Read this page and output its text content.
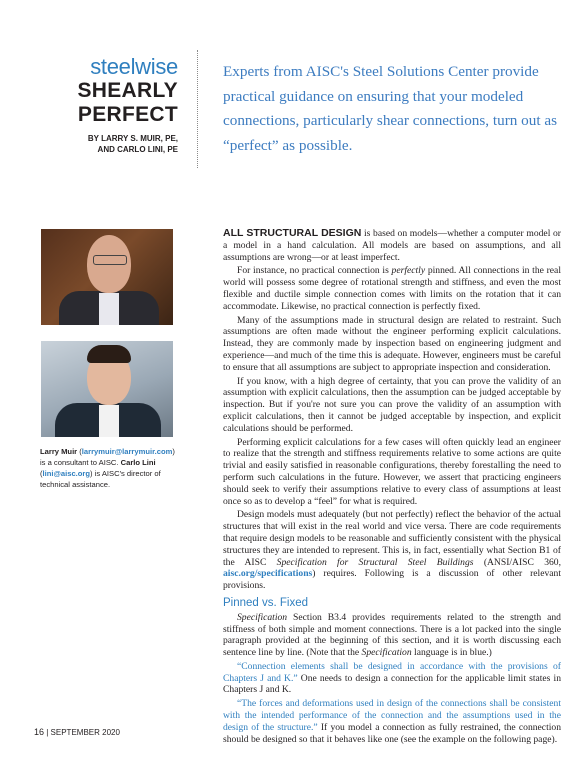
steelwise
SHEARLY
PERFECT
BY LARRY S. MUIR, PE,
AND CARLO LINI, PE
Experts from AISC's Steel Solutions Center provide practical guidance on ensuring that your modeled connections, particularly shear connections, turn out as “perfect” as possible.
Larry Muir (larrymuir@larrymuir.com) is a consultant to AISC. Carlo Lini (lini@aisc.org) is AISC's director of technical assistance.

ALL STRUCTURAL DESIGN is based on models—whether a computer model or a model in a hand calculation. All models are based on assumptions, and all assumptions are wrong—or at least imperfect.

For instance, no practical connection is perfectly pinned. All connections in the real world will possess some degree of rotational strength and stiffness, and even the most flexible and ductile simple connection comes with limits on the rotation that it can accommodate. Likewise, no practical connection is perfectly fixed.

Many of the assumptions made in structural design are related to restraint. Such assumptions are often made without the engineer performing explicit calculations. Instead, they are commonly made by inspection based on engineering judgment and experience—and much of the time this is adequate. However, engineers must be careful to ensure that all assumptions are subject to appropriate inspection and consideration.

If you know, with a high degree of certainty, that you can prove the validity of an assumption with explicit calculations, then the assumption can be judged acceptable by inspection. But if you're not sure you can prove the validity of an assumption with explicit calculations, then it cannot be judged acceptable by inspection, and explicit calculations should be performed.

Performing explicit calculations for a few cases will often quickly lead an engineer to realize that the strength and stiffness requirements relative to some actions are quite trivial and easily satisfied in reasonable configurations, thereby forestalling the need to perform such calculations in the future. However, we assert that practicing engineers should seek to verify their assumptions relative to every class of assumptions at least once so as to develop a “feel” for what is required.

Design models must adequately (but not perfectly) reflect the behavior of the actual structures that will exist in the real world and vice versa. There are code requirements that require design models to be reasonable and sufficiently consistent with the physical structures they are intended to represent. This is, in fact, essentially what Section B1 of the AISC Specification for Structural Steel Buildings (ANSI/AISC 360, aisc.org/specifications) requires. Following is a discussion of other relevant provisions.

Pinned vs. Fixed

Specification Section B3.4 provides requirements related to the strength and stiffness of both simple and moment connections. There is a lot packed into the single paragraph provided at the beginning of this section, and it is worth discussing each sentence line by line. (Note that the Specification language is in blue.)

“Connection elements shall be designed in accordance with the provisions of Chapters J and K.” One needs to design a connection for the applicable limit states in Chapters J and K.

“The forces and deformations used in design of the connections shall be consistent with the intended performance of the connection and the assumptions used in the design of the structure.” If you model a connection as fully restrained, the connection should be designed so that it behaves like one (see the example on the following page).

16 | SEPTEMBER 2020
